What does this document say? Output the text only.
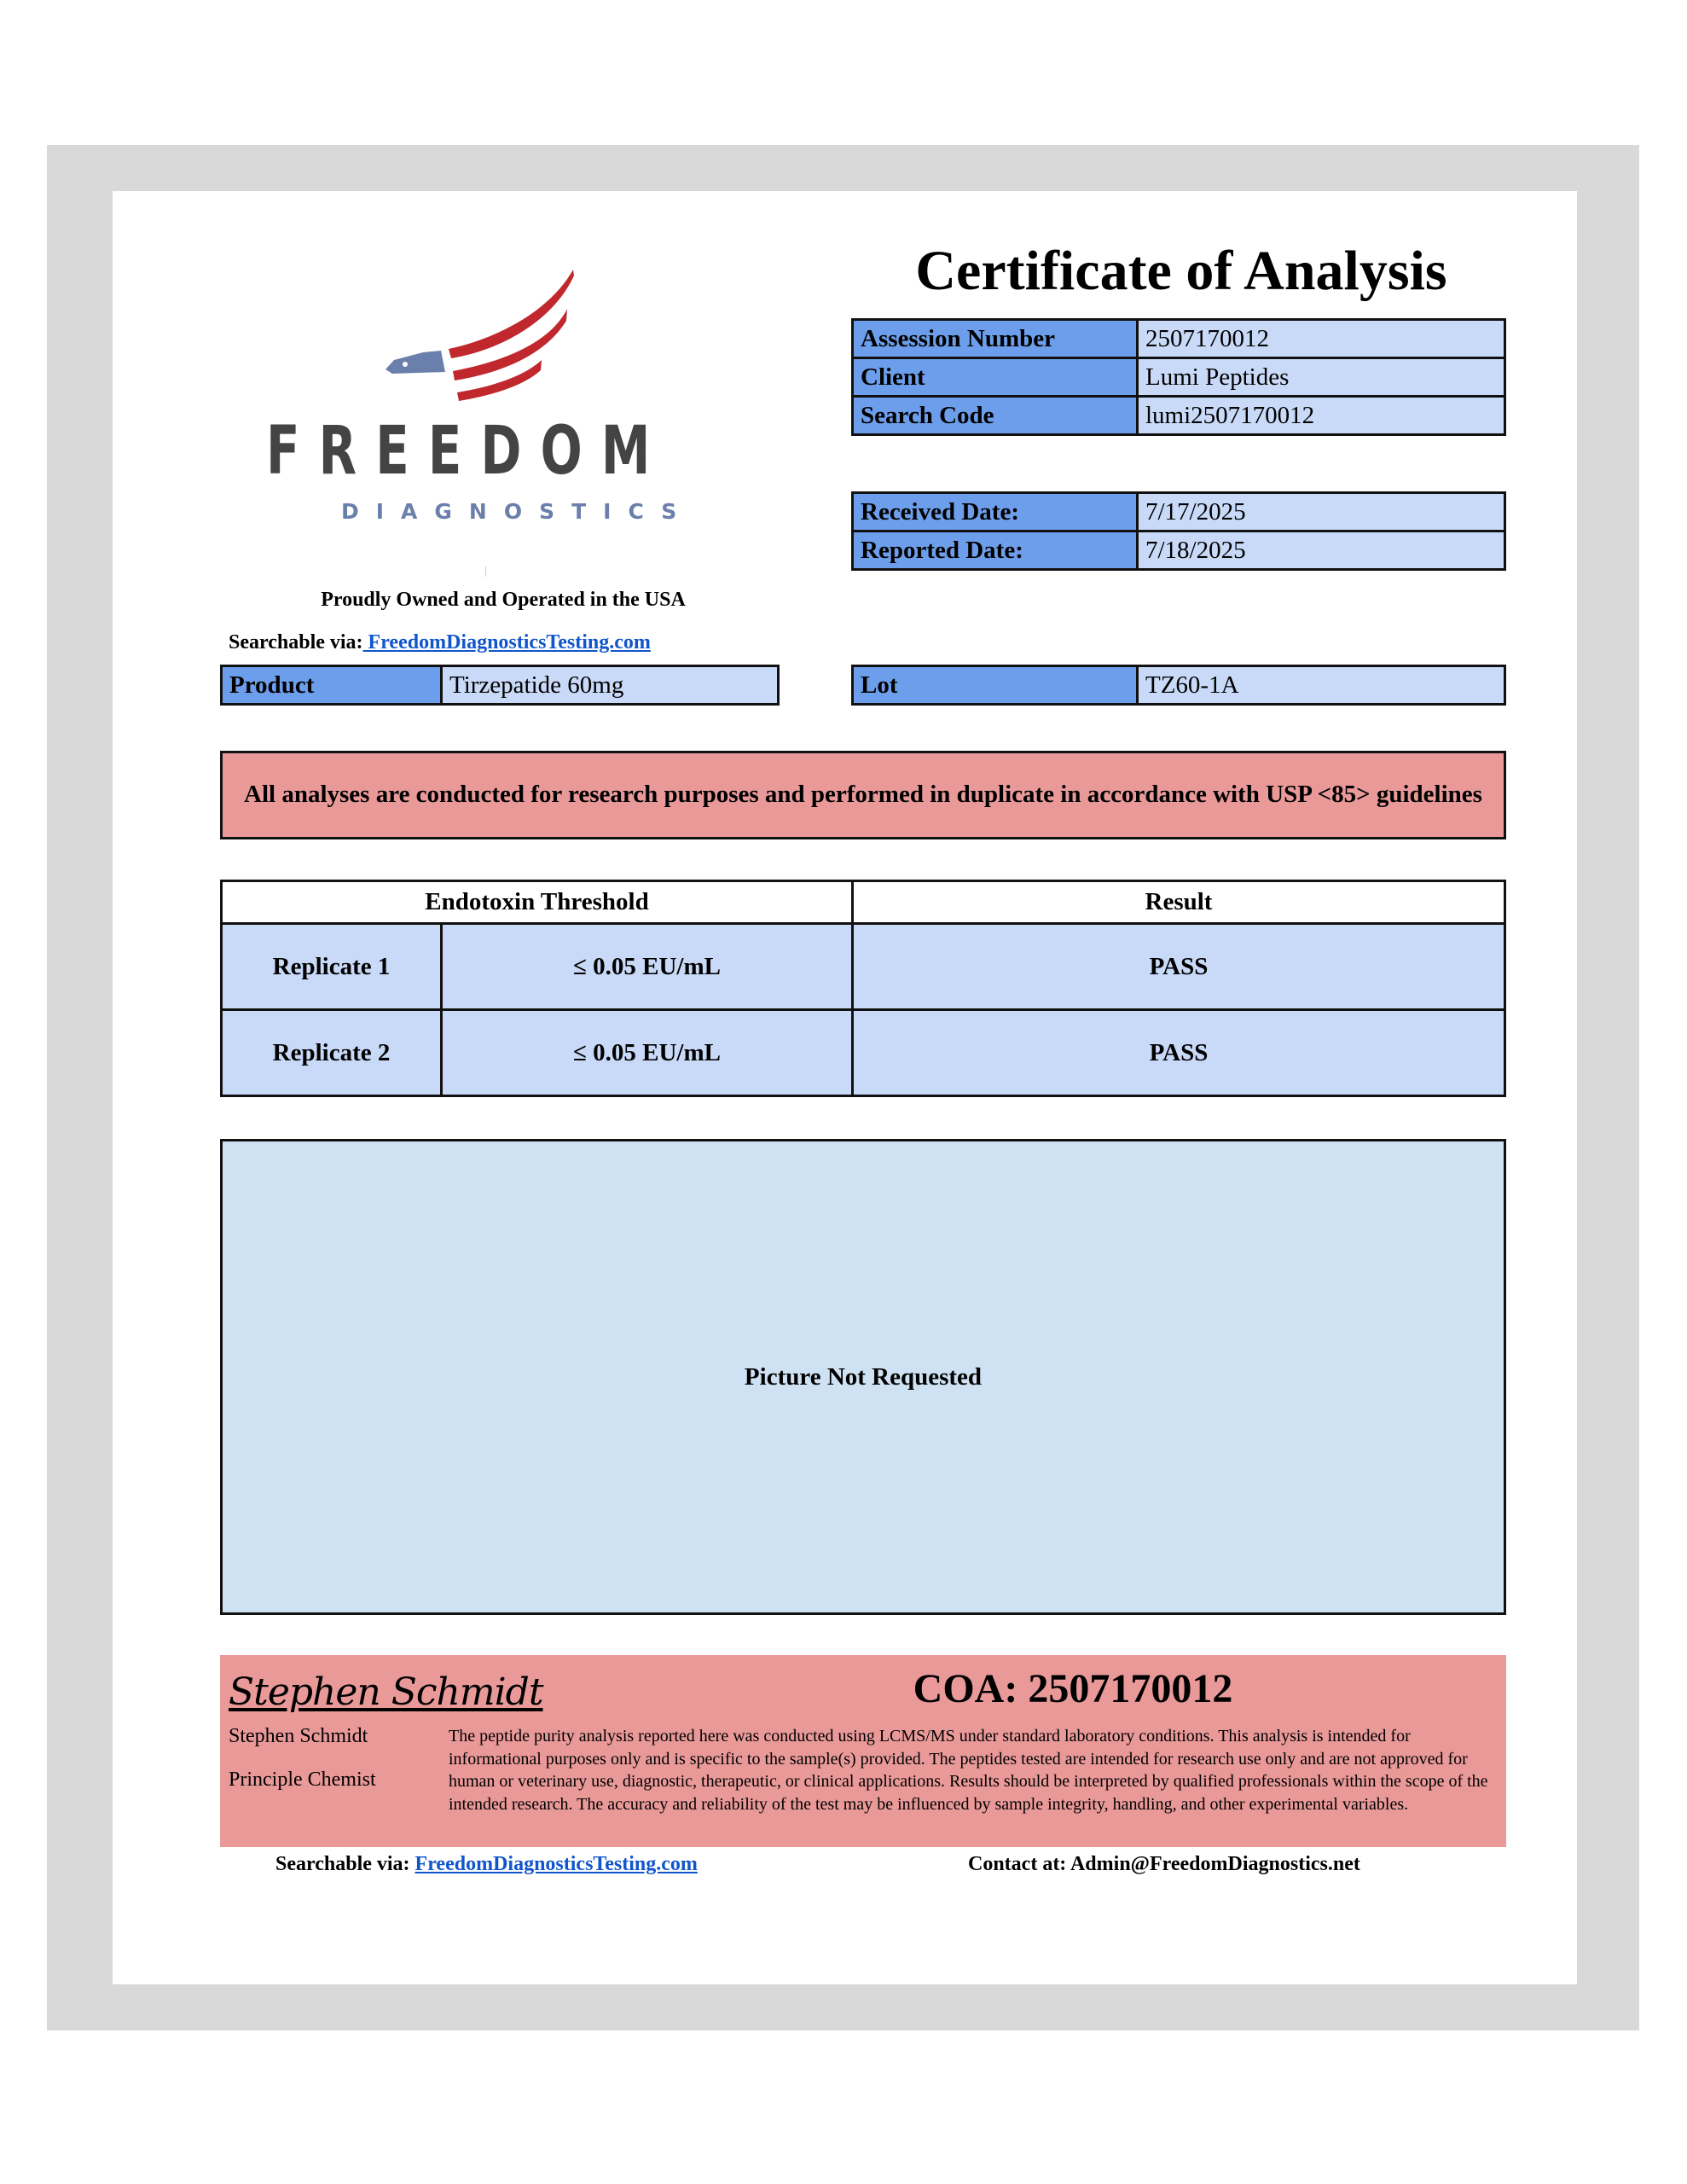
FREEDOM
DIAGNOSTICS
Proudly Owned and Operated in the USA
Searchable via: FreedomDiagnosticsTesting.com
Certificate of Analysis
Assession Number	2507170012
Client	Lumi Peptides
Search Code	lumi2507170012
Received Date:	7/17/2025
Reported Date:	7/18/2025
Product	Tirzepatide 60mg	Lot	TZ60-1A
All analyses are conducted for research purposes and performed in duplicate in accordance with USP <85> guidelines
Endotoxin Threshold		Result
Replicate 1	≤ 0.05 EU/mL	PASS
Replicate 2	≤ 0.05 EU/mL	PASS
Picture Not Requested
Stephen Schmidt	COA: 2507170012
Stephen Schmidt
Principle Chemist
The peptide purity analysis reported here was conducted using LCMS/MS under standard laboratory conditions. This analysis is intended for informational purposes only and is specific to the sample(s) provided. The peptides tested are intended for research use only and are not approved for human or veterinary use, diagnostic, therapeutic, or clinical applications. Results should be interpreted by qualified professionals within the scope of the intended research. The accuracy and reliability of the test may be influenced by sample integrity, handling, and other experimental variables.
Searchable via: FreedomDiagnosticsTesting.com	Contact at: Admin@FreedomDiagnostics.net
